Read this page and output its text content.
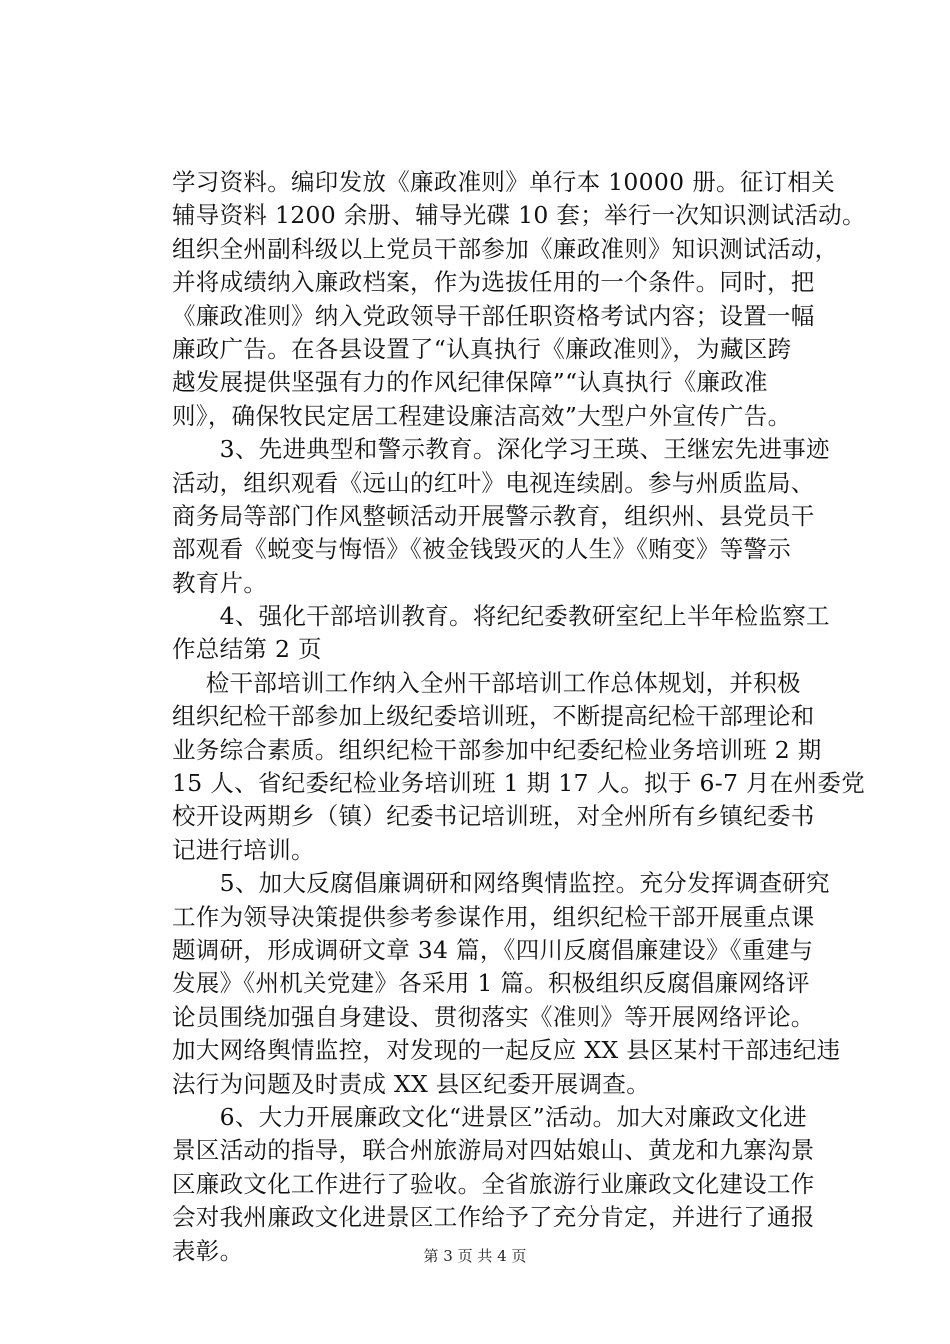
学习资料。编印发放《廉政准则》单行本 10000 册。征订相关
辅导资料 1200 余册、辅导光碟 10 套；举行一次知识测试活动。
组织全州副科级以上党员干部参加《廉政准则》知识测试活动，
并将成绩纳入廉政档案，作为选拔任用的一个条件。同时，把
《廉政准则》纳入党政领导干部任职资格考试内容；设置一幅
廉政广告。在各县设置了“认真执行《廉政准则》，为藏区跨
越发展提供坚强有力的作风纪律保障”“认真执行《廉政准
则》，确保牧民定居工程建设廉洁高效”大型户外宣传广告。
　　3、先进典型和警示教育。深化学习王瑛、王继宏先进事迹
活动，组织观看《远山的红叶》电视连续剧。参与州质监局、
商务局等部门作风整顿活动开展警示教育，组织州、县党员干
部观看《蜕变与悔悟》《被金钱毁灭的人生》《贿变》等警示
教育片。
　　4、强化干部培训教育。将纪纪委教研室纪上半年检监察工
作总结第 2 页
　检干部培训工作纳入全州干部培训工作总体规划，并积极
组织纪检干部参加上级纪委培训班，不断提高纪检干部理论和
业务综合素质。组织纪检干部参加中纪委纪检业务培训班 2 期
15 人、省纪委纪检业务培训班 1 期 17 人。拟于 6-7 月在州委党
校开设两期乡（镇）纪委书记培训班，对全州所有乡镇纪委书
记进行培训。
　　5、加大反腐倡廉调研和网络舆情监控。充分发挥调查研究
工作为领导决策提供参考参谋作用，组织纪检干部开展重点课
题调研，形成调研文章 34 篇，《四川反腐倡廉建设》《重建与
发展》《州机关党建》各采用 1 篇。积极组织反腐倡廉网络评
论员围绕加强自身建设、贯彻落实《准则》等开展网络评论。
加大网络舆情监控，对发现的一起反应 XX 县区某村干部违纪违
法行为问题及时责成 XX 县区纪委开展调查。
　　6、大力开展廉政文化“进景区”活动。加大对廉政文化进
景区活动的指导，联合州旅游局对四姑娘山、黄龙和九寨沟景
区廉政文化工作进行了验收。全省旅游行业廉政文化建设工作
会对我州廉政文化进景区工作给予了充分肯定，并进行了通报
表彰。	第 3 页 共 4 页
